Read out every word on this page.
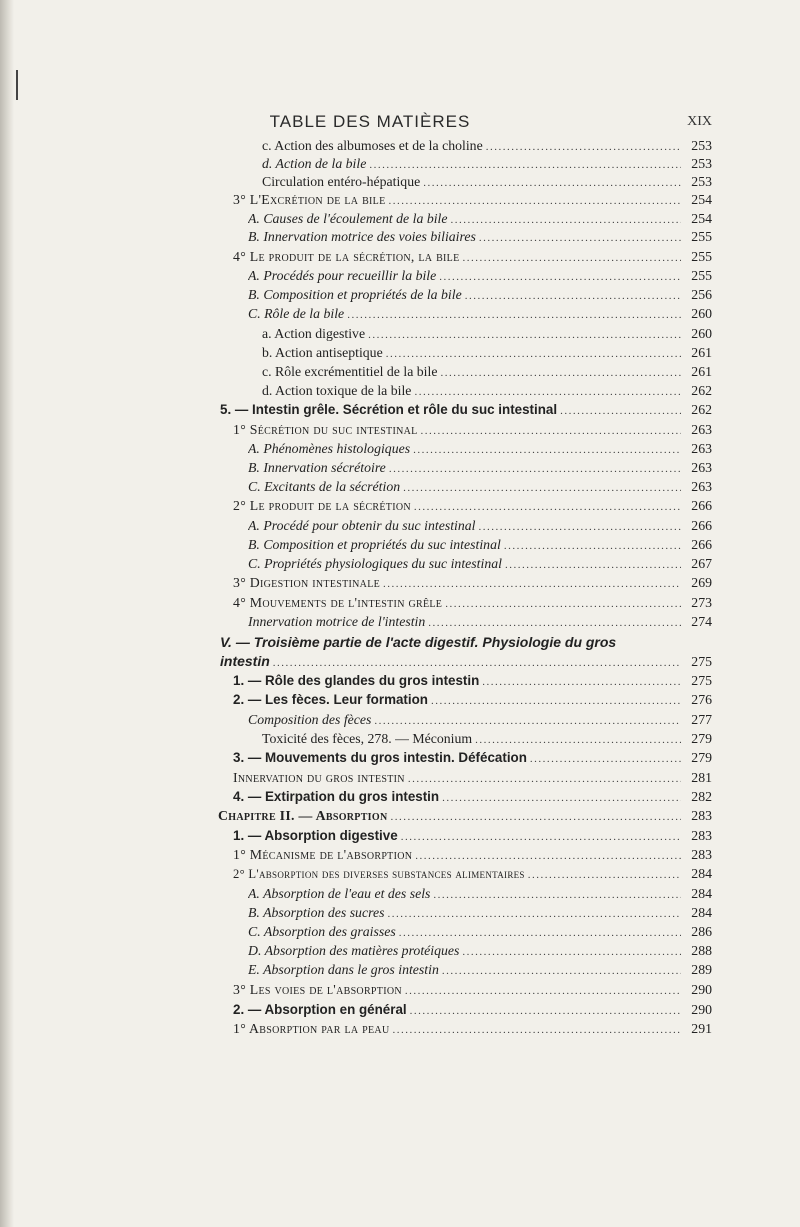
TABLE DES MATIÈRES	XIX
c. Action des albumoses et de la choline .....	253
d. Action de la bile .....	253
Circulation entéro-hépatique .....	253
3° L'Excrétion de la bile .....	254
A. Causes de l'écoulement de la bile .....	254
B. Innervation motrice des voies biliaires .....	255
4° Le produit de la sécrétion, la bile .....	255
A. Procédés pour recueillir la bile .....	255
B. Composition et propriétés de la bile .....	256
C. Rôle de la bile .....	260
a. Action digestive .....	260
b. Action antiseptique .....	261
c. Rôle excrémentitiel de la bile .....	261
d. Action toxique de la bile .....	262
5. — Intestin grêle. Sécrétion et rôle du suc intestinal .....	262
1° Sécrétion du suc intestinal .....	263
A. Phénomènes histologiques .....	263
B. Innervation sécrétoire .....	263
C. Excitants de la sécrétion .....	263
2° Le produit de la sécrétion .....	266
A. Procédé pour obtenir du suc intestinal .....	266
B. Composition et propriétés du suc intestinal .....	266
C. Propriétés physiologiques du suc intestinal .....	267
3° Digestion intestinale .....	269
4° Mouvements de l'intestin grêle .....	273
Innervation motrice de l'intestin .....	274
V. — Troisième partie de l'acte digestif. Physiologie du gros
intestin .....	275
1. — Rôle des glandes du gros intestin .....	275
2. — Les fèces. Leur formation .....	276
Composition des fèces .....	277
Toxicité des fèces, 278. — Méconium .....	279
3. — Mouvements du gros intestin. Défécation .....	279
Innervation du gros intestin .....	281
4. — Extirpation du gros intestin .....	282
Chapitre II. — Absorption .....	283
1. — Absorption digestive .....	283
1° Mécanisme de l'absorption .....	283
2° L'absorption des diverses substances alimentaires .....	284
A. Absorption de l'eau et des sels .....	284
B. Absorption des sucres .....	284
C. Absorption des graisses .....	286
D. Absorption des matières protéiques .....	288
E. Absorption dans le gros intestin .....	289
3° Les voies de l'absorption .....	290
2. — Absorption en général .....	290
1° Absorption par la peau .....	291
